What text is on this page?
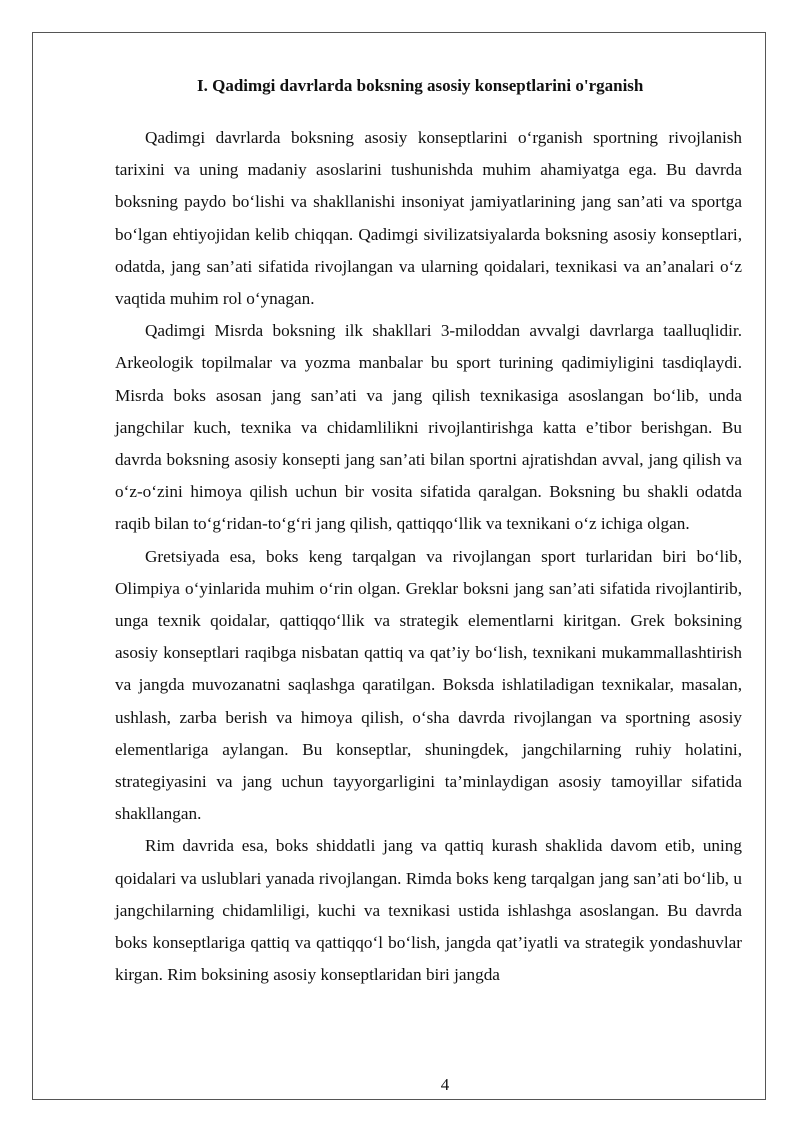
I. Qadimgi davrlarda boksning asosiy konseptlarini o'rganish

Qadimgi davrlarda boksning asosiy konseptlarini o‘rganish sportning rivojlanish tarixini va uning madaniy asoslarini tushunishda muhim ahamiyatga ega. Bu davrda boksning paydo bo‘lishi va shakllanishi insoniyat jamiyatlarining jang san’ati va sportga bo‘lgan ehtiyojidan kelib chiqqan. Qadimgi sivilizatsiyalarda boksning asosiy konseptlari, odatda, jang san’ati sifatida rivojlangan va ularning qoidalari, texnikasi va an’analari o‘z vaqtida muhim rol o‘ynagan.

Qadimgi Misrda boksning ilk shakllari 3-miloddan avvalgi davrlarga taalluqlidir. Arkeologik topilmalar va yozma manbalar bu sport turining qadimiyligini tasdiqlaydi. Misrda boks asosan jang san’ati va jang qilish texnikasiga asoslangan bo‘lib, unda jangchilar kuch, texnika va chidamlilikni rivojlantirishga katta e’tibor berishgan. Bu davrda boksning asosiy konsepti jang san’ati bilan sportni ajratishdan avval, jang qilish va o‘z-o‘zini himoya qilish uchun bir vosita sifatida qaralgan. Boksning bu shakli odatda raqib bilan to‘g‘ridan-to‘g‘ri jang qilish, qattiqqo‘llik va texnikani o‘z ichiga olgan.

Gretsiyada esa, boks keng tarqalgan va rivojlangan sport turlaridan biri bo‘lib, Olimpiya o‘yinlarida muhim o‘rin olgan. Greklar boksni jang san’ati sifatida rivojlantirib, unga texnik qoidalar, qattiqqo‘llik va strategik elementlarni kiritgan. Grek boksining asosiy konseptlari raqibga nisbatan qattiq va qat’iy bo‘lish, texnikani mukammallashtirish va jangda muvozanatni saqlashga qaratilgan. Boksda ishlatiladigan texnikalar, masalan, ushlash, zarba berish va himoya qilish, o‘sha davrda rivojlangan va sportning asosiy elementlariga aylangan. Bu konseptlar, shuningdek, jangchilarning ruhiy holatini, strategiyasini va jang uchun tayyorgarligini ta’minlaydigan asosiy tamoyillar sifatida shakllangan.

Rim davrida esa, boks shiddatli jang va qattiq kurash shaklida davom etib, uning qoidalari va uslublari yanada rivojlangan. Rimda boks keng tarqalgan jang san’ati bo‘lib, u jangchilarning chidamliligi, kuchi va texnikasi ustida ishlashga asoslangan. Bu davrda boks konseptlariga qattiq va qattiqqo‘l bo‘lish, jangda qat’iyatli va strategik yondashuvlar kirgan. Rim boksining asosiy konseptlaridan biri jangda

4
